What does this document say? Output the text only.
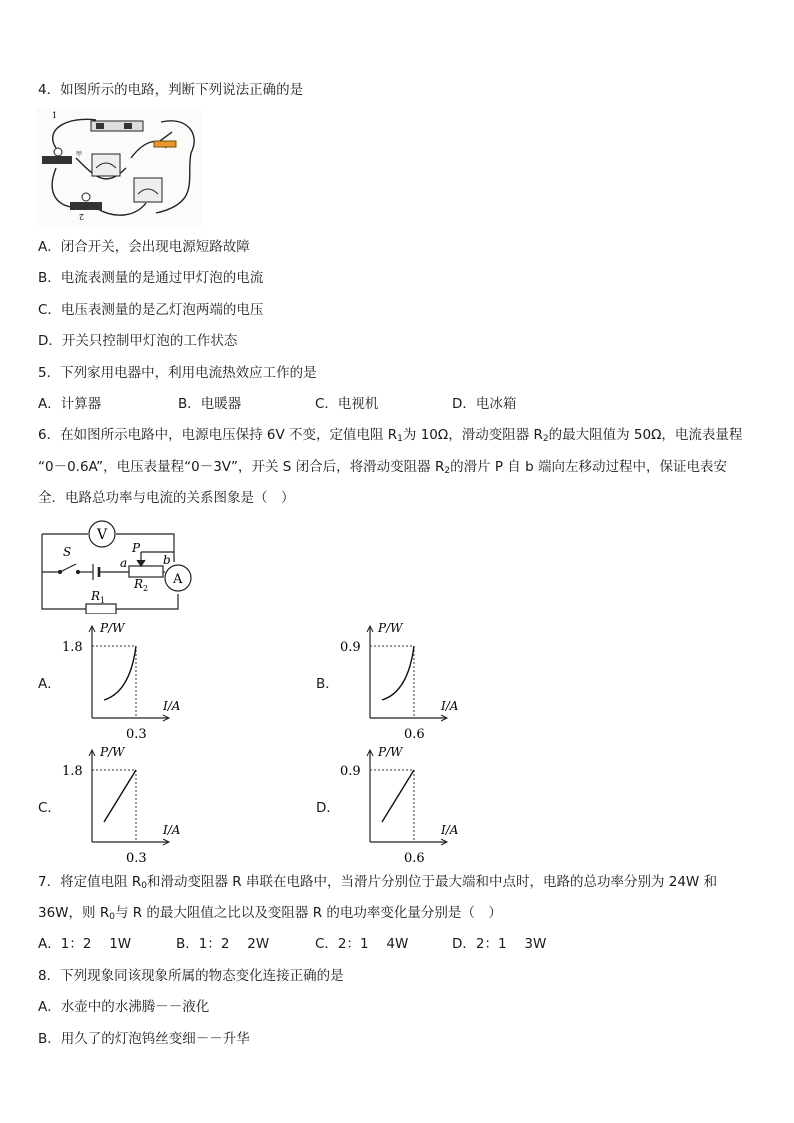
4．如图所示的电路，判断下列说法正确的是
1
甲
2
A．闭合开关，会出现电源短路故障
B．电流表测量的是通过甲灯泡的电流
C．电压表测量的是乙灯泡两端的电压
D．开关只控制甲灯泡的工作状态
5．下列家用电器中，利用电流热效应工作的是
A．计算器	B．电暖器	C．电视机	D．电冰箱
6．在如图所示电路中，电源电压保持 6V 不变，定值电阻 $R_1$为 10Ω，滑动变阻器 $R_2$的最大阻值为 50Ω，电流表量程
“0－0.6A”，电压表量程“0－3V”，开关 S 闭合后，将滑动变阻器 $R_2$的滑片 P 自 b 端向左移动过程中，保证电表安
全．电路总功率与电流的关系图象是（　）
V
A
S	P
a	b
R 2
R 1
A．	B．
C．	D．
P/W
I/A
1.8
0.3
P/W
I/A
0.9
0.6
P/W
I/A
1.8
0.3
P/W
I/A
0.9
0.6
7．将定值电阻 $R_0$和滑动变阻器 R 串联在电路中，当滑片分别位于最大端和中点时，电路的总功率分别为 24W 和
36W，则 $R_0$与 R 的最大阻值之比以及变阻器 R 的电功率变化量分别是（　）
A．1：2　 1W	B．1：2　 2W	C．2：1　 4W	D．2：1　 3W
8．下列现象同该现象所属的物态变化连接正确的是
A．水壶中的水沸腾－－液化
B．用久了的灯泡钨丝变细－－升华
